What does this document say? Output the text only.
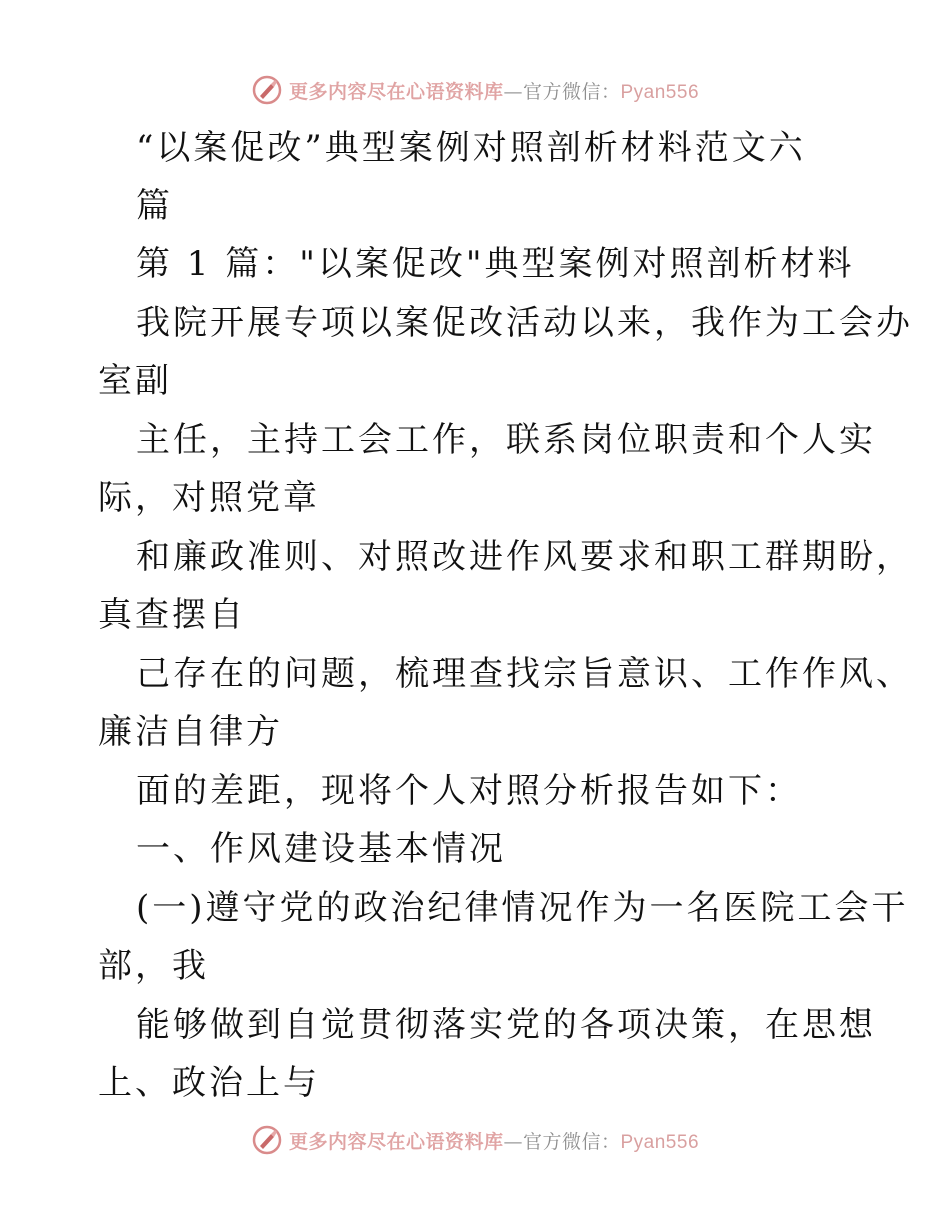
更多内容尽在心语资料库—官方微信：Pyan556
“以案促改”典型案例对照剖析材料范文六
篇
第 1 篇："以案促改"典型案例对照剖析材料
我院开展专项以案促改活动以来，我作为工会办
室副
主任，主持工会工作，联系岗位职责和个人实
际，对照党章
和廉政准则、对照改进作风要求和职工群期盼，
真查摆自
己存在的问题，梳理查找宗旨意识、工作作风、
廉洁自律方
面的差距，现将个人对照分析报告如下：
一、作风建设基本情况
(一)遵守党的政治纪律情况作为一名医院工会干
部，我
能够做到自觉贯彻落实党的各项决策，在思想
上、政治上与
更多内容尽在心语资料库—官方微信：Pyan556
